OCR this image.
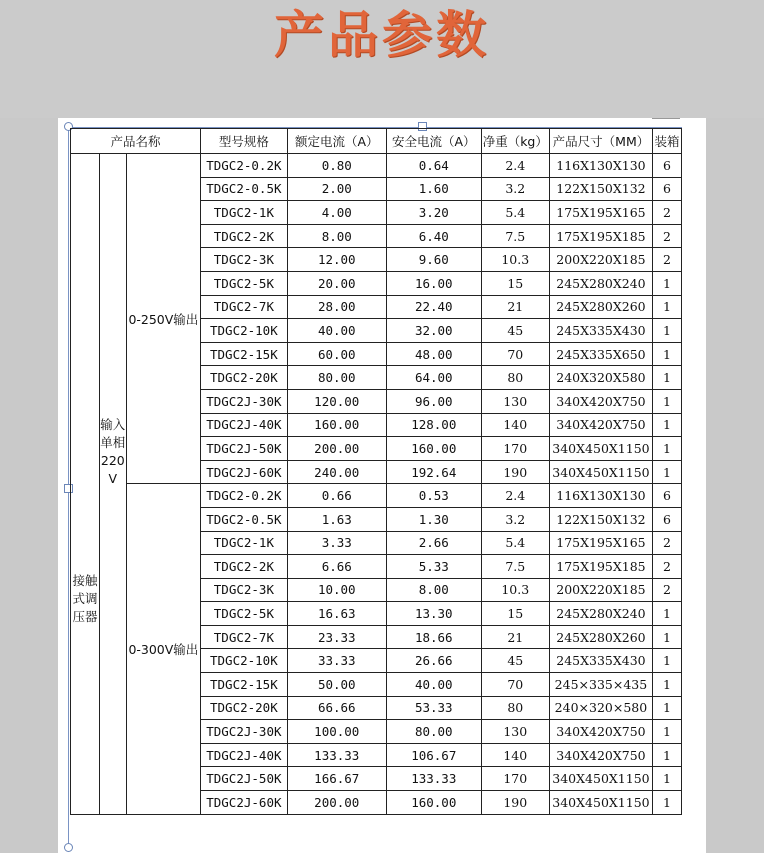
产品参数
产品名称			型号规格	额定电流（A）	安全电流（A）	净重（kg）	产品尺寸（MM）	装箱
接触式调压器	输入单相220V	0-250V输出	TDGC2-0.2K	0.80	0.64	2.4	116X130X130	6
			TDGC2-0.5K	2.00	1.60	3.2	122X150X132	6
			TDGC2-1K	4.00	3.20	5.4	175X195X165	2
			TDGC2-2K	8.00	6.40	7.5	175X195X185	2
			TDGC2-3K	12.00	9.60	10.3	200X220X185	2
			TDGC2-5K	20.00	16.00	15	245X280X240	1
			TDGC2-7K	28.00	22.40	21	245X280X260	1
			TDGC2-10K	40.00	32.00	45	245X335X430	1
			TDGC2-15K	60.00	48.00	70	245X335X650	1
			TDGC2-20K	80.00	64.00	80	240X320X580	1
			TDGC2J-30K	120.00	96.00	130	340X420X750	1
			TDGC2J-40K	160.00	128.00	140	340X420X750	1
			TDGC2J-50K	200.00	160.00	170	340X450X1150	1
			TDGC2J-60K	240.00	192.64	190	340X450X1150	1
		0-300V输出	TDGC2-0.2K	0.66	0.53	2.4	116X130X130	6
			TDGC2-0.5K	1.63	1.30	3.2	122X150X132	6
			TDGC2-1K	3.33	2.66	5.4	175X195X165	2
			TDGC2-2K	6.66	5.33	7.5	175X195X185	2
			TDGC2-3K	10.00	8.00	10.3	200X220X185	2
			TDGC2-5K	16.63	13.30	15	245X280X240	1
			TDGC2-7K	23.33	18.66	21	245X280X260	1
			TDGC2-10K	33.33	26.66	45	245X335X430	1
			TDGC2-15K	50.00	40.00	70	245×335×435	1
			TDGC2-20K	66.66	53.33	80	240×320×580	1
			TDGC2J-30K	100.00	80.00	130	340X420X750	1
			TDGC2J-40K	133.33	106.67	140	340X420X750	1
			TDGC2J-50K	166.67	133.33	170	340X450X1150	1
			TDGC2J-60K	200.00	160.00	190	340X450X1150	1
